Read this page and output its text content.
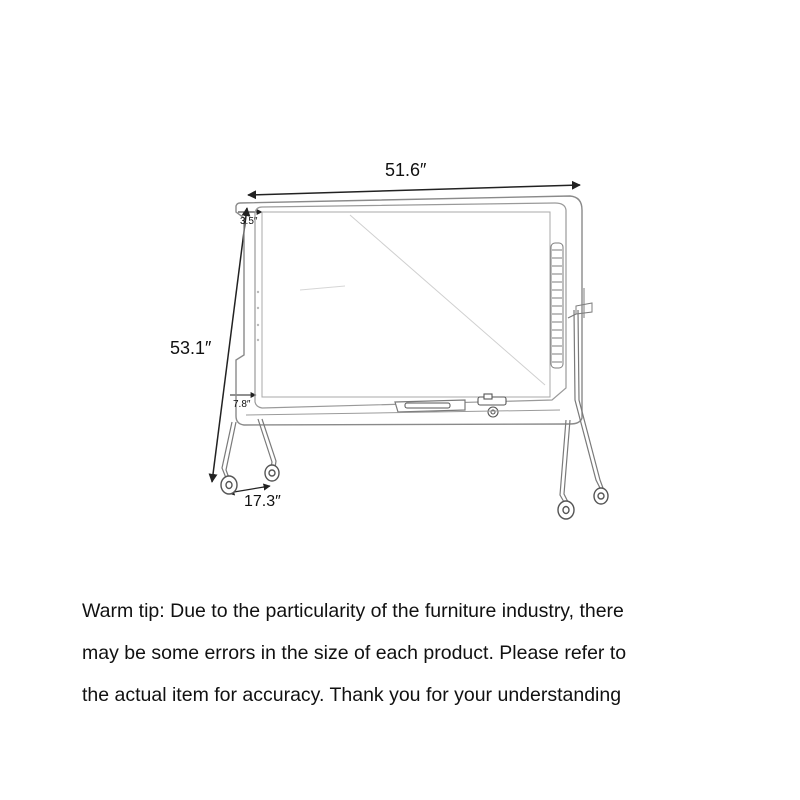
51.6″
53.1″
17.3″
3.5″
7.8″
Warm tip: Due to the particularity of the furniture industry, there
may be some errors in the size of each product. Please refer to
the actual item for accuracy. Thank you for your understanding
